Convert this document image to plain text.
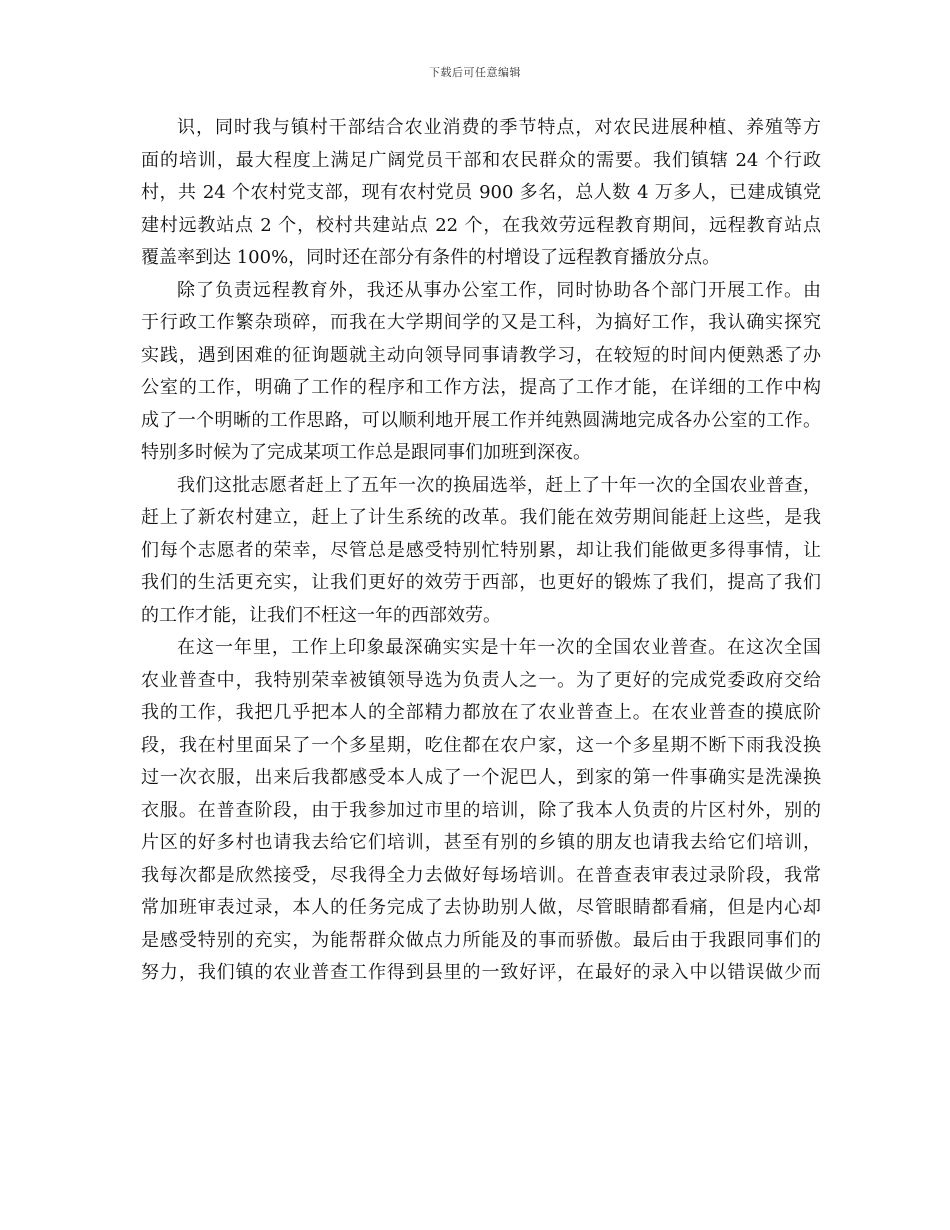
下载后可任意编辑
识，同时我与镇村干部结合农业消费的季节特点，对农民进展种植、养殖等方
面的培训，最大程度上满足广阔党员干部和农民群众的需要。我们镇辖 24 个行政
村，共 24 个农村党支部，现有农村党员 900 多名，总人数 4 万多人，已建成镇党
建村远教站点 2 个，校村共建站点 22 个，在我效劳远程教育期间，远程教育站点
覆盖率到达 100%，同时还在部分有条件的村增设了远程教育播放分点。
除了负责远程教育外，我还从事办公室工作，同时协助各个部门开展工作。由
于行政工作繁杂琐碎，而我在大学期间学的又是工科，为搞好工作，我认确实探究
实践，遇到困难的征询题就主动向领导同事请教学习，在较短的时间内便熟悉了办
公室的工作，明确了工作的程序和工作方法，提高了工作才能，在详细的工作中构
成了一个明晰的工作思路，可以顺利地开展工作并纯熟圆满地完成各办公室的工作。
特别多时候为了完成某项工作总是跟同事们加班到深夜。
我们这批志愿者赶上了五年一次的换届选举，赶上了十年一次的全国农业普查，
赶上了新农村建立，赶上了计生系统的改革。我们能在效劳期间能赶上这些，是我
们每个志愿者的荣幸，尽管总是感受特别忙特别累，却让我们能做更多得事情，让
我们的生活更充实，让我们更好的效劳于西部，也更好的锻炼了我们，提高了我们
的工作才能，让我们不枉这一年的西部效劳。
在这一年里，工作上印象最深确实实是十年一次的全国农业普查。在这次全国
农业普查中，我特别荣幸被镇领导选为负责人之一。为了更好的完成党委政府交给
我的工作，我把几乎把本人的全部精力都放在了农业普查上。在农业普查的摸底阶
段，我在村里面呆了一个多星期，吃住都在农户家，这一个多星期不断下雨我没换
过一次衣服，出来后我都感受本人成了一个泥巴人，到家的第一件事确实是洗澡换
衣服。在普查阶段，由于我参加过市里的培训，除了我本人负责的片区村外，别的
片区的好多村也请我去给它们培训，甚至有别的乡镇的朋友也请我去给它们培训，
我每次都是欣然接受，尽我得全力去做好每场培训。在普查表审表过录阶段，我常
常加班审表过录，本人的任务完成了去协助别人做，尽管眼睛都看痛，但是内心却
是感受特别的充实，为能帮群众做点力所能及的事而骄傲。最后由于我跟同事们的
努力，我们镇的农业普查工作得到县里的一致好评，在最好的录入中以错误做少而
